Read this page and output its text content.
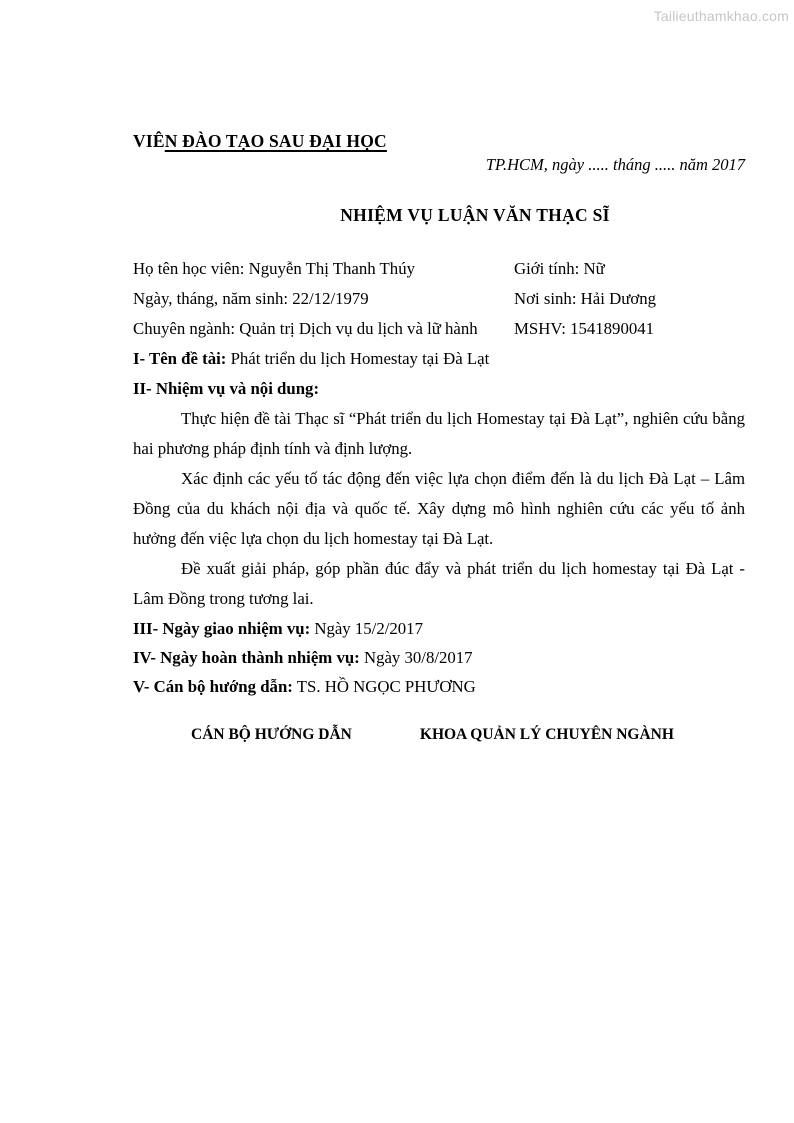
Tailieuthamkhao.com
VIÊN ĐÀO TẠO SAU ĐẠI HỌC
TP.HCM, ngày ..... tháng ..... năm 2017
NHIỆM VỤ LUẬN VĂN THẠC SĨ
Họ tên học viên: Nguyễn Thị Thanh Thúy	Giới tính: Nữ
Ngày, tháng, năm sinh: 22/12/1979	Nơi sinh: Hải Dương
Chuyên ngành: Quản trị Dịch vụ du lịch và lữ hành	MSHV: 1541890041
I- Tên đề tài: Phát triển du lịch Homestay tại Đà Lạt
II- Nhiệm vụ và nội dung:

Thực hiện đề tài Thạc sĩ “Phát triển du lịch Homestay tại Đà Lạt”, nghiên cứu bằng hai phương pháp định tính và định lượng.

Xác định các yếu tố tác động đến việc lựa chọn điểm đến là du lịch Đà Lạt – Lâm Đồng của du khách nội địa và quốc tế. Xây dựng mô hình nghiên cứu các yếu tố ảnh hưởng đến việc lựa chọn du lịch homestay tại Đà Lạt.

Đề xuất giải pháp, góp phần đúc đẩy và phát triển du lịch homestay tại Đà Lạt - Lâm Đồng trong tương lai.

III- Ngày giao nhiệm vụ: Ngày 15/2/2017
IV- Ngày hoàn thành nhiệm vụ: Ngày 30/8/2017
V- Cán bộ hướng dẫn: TS. HỒ NGỌC PHƯƠNG
CÁN BỘ HƯỚNG DẪN	KHOA QUẢN LÝ CHUYÊN NGÀNH
